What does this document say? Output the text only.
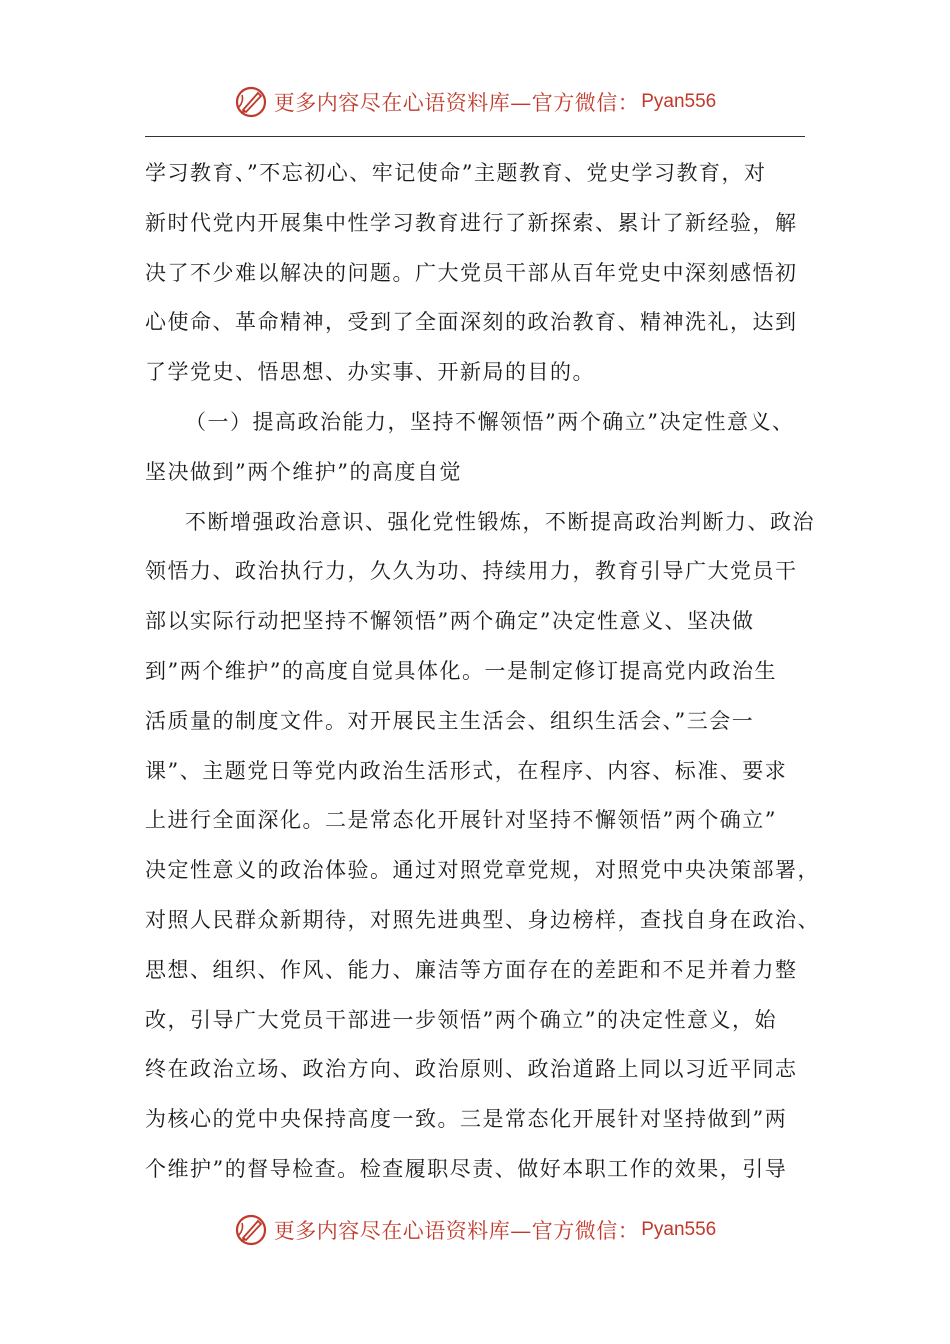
更多内容尽在心语资料库—官方微信： Pyan556
学习教育、”不忘初心、牢记使命”主题教育、党史学习教育，对
新时代党内开展集中性学习教育进行了新探索、累计了新经验，解
决了不少难以解决的问题。广大党员干部从百年党史中深刻感悟初
心使命、革命精神，受到了全面深刻的政治教育、精神洗礼，达到
了学党史、悟思想、办实事、开新局的目的。
（一）提高政治能力，坚持不懈领悟”两个确立”决定性意义、
坚决做到”两个维护”的高度自觉
不断增强政治意识、强化党性锻炼，不断提高政治判断力、政治
领悟力、政治执行力，久久为功、持续用力，教育引导广大党员干
部以实际行动把坚持不懈领悟”两个确定”决定性意义、坚决做
到”两个维护”的高度自觉具体化。一是制定修订提高党内政治生
活质量的制度文件。对开展民主生活会、组织生活会、”三会一
课”、主题党日等党内政治生活形式，在程序、内容、标准、要求
上进行全面深化。二是常态化开展针对坚持不懈领悟”两个确立”
决定性意义的政治体验。通过对照党章党规，对照党中央决策部署，
对照人民群众新期待，对照先进典型、身边榜样，查找自身在政治、
思想、组织、作风、能力、廉洁等方面存在的差距和不足并着力整
改，引导广大党员干部进一步领悟”两个确立”的决定性意义，始
终在政治立场、政治方向、政治原则、政治道路上同以习近平同志
为核心的党中央保持高度一致。三是常态化开展针对坚持做到”两
个维护”的督导检查。检查履职尽责、做好本职工作的效果，引导
更多内容尽在心语资料库—官方微信： Pyan556
